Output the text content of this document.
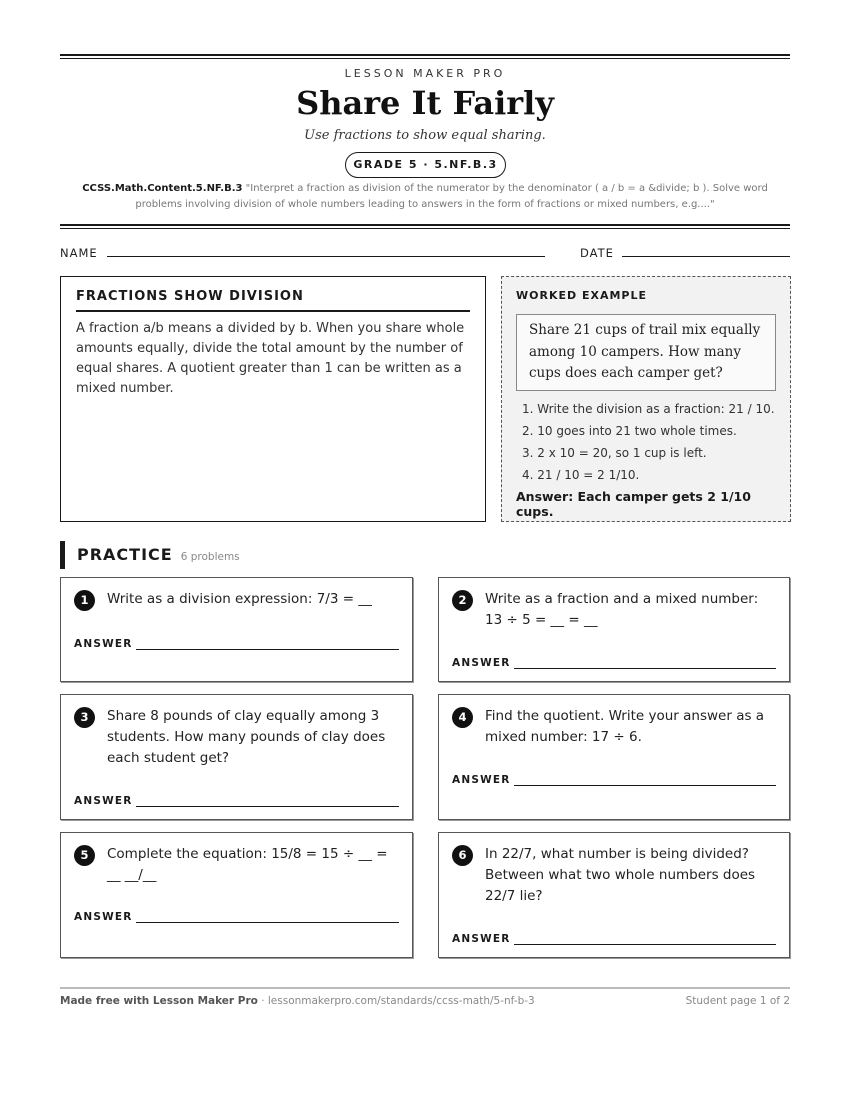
LESSON MAKER PRO
Share It Fairly
Use fractions to show equal sharing.
GRADE 5 · 5.NF.B.3
CCSS.Math.Content.5.NF.B.3 "Interpret a fraction as division of the numerator by the denominator ( a / b = a &divide; b ). Solve word problems involving division of whole numbers leading to answers in the form of fractions or mixed numbers, e.g...."
NAME	DATE
FRACTIONS SHOW DIVISION
A fraction a/b means a divided by b. When you share whole amounts equally, divide the total amount by the number of equal shares. A quotient greater than 1 can be written as a mixed number.
WORKED EXAMPLE
Share 21 cups of trail mix equally among 10 campers. How many cups does each camper get?
1. Write the division as a fraction: 21 / 10.
2. 10 goes into 21 two whole times.
3. 2 x 10 = 20, so 1 cup is left.
4. 21 / 10 = 2 1/10.
Answer: Each camper gets 2 1/10 cups.
PRACTICE 6 problems
1	Write as a division expression: 7/3 = __
ANSWER
2	Write as a fraction and a mixed number: 13 ÷ 5 = __ = __
ANSWER
3	Share 8 pounds of clay equally among 3 students. How many pounds of clay does each student get?
ANSWER
4	Find the quotient. Write your answer as a mixed number: 17 ÷ 6.
ANSWER
5	Complete the equation: 15/8 = 15 ÷ __ = __ __/__
ANSWER
6	In 22/7, what number is being divided? Between what two whole numbers does 22/7 lie?
ANSWER
Made free with Lesson Maker Pro · lessonmakerpro.com/standards/ccss-math/5-nf-b-3	Student page 1 of 2
